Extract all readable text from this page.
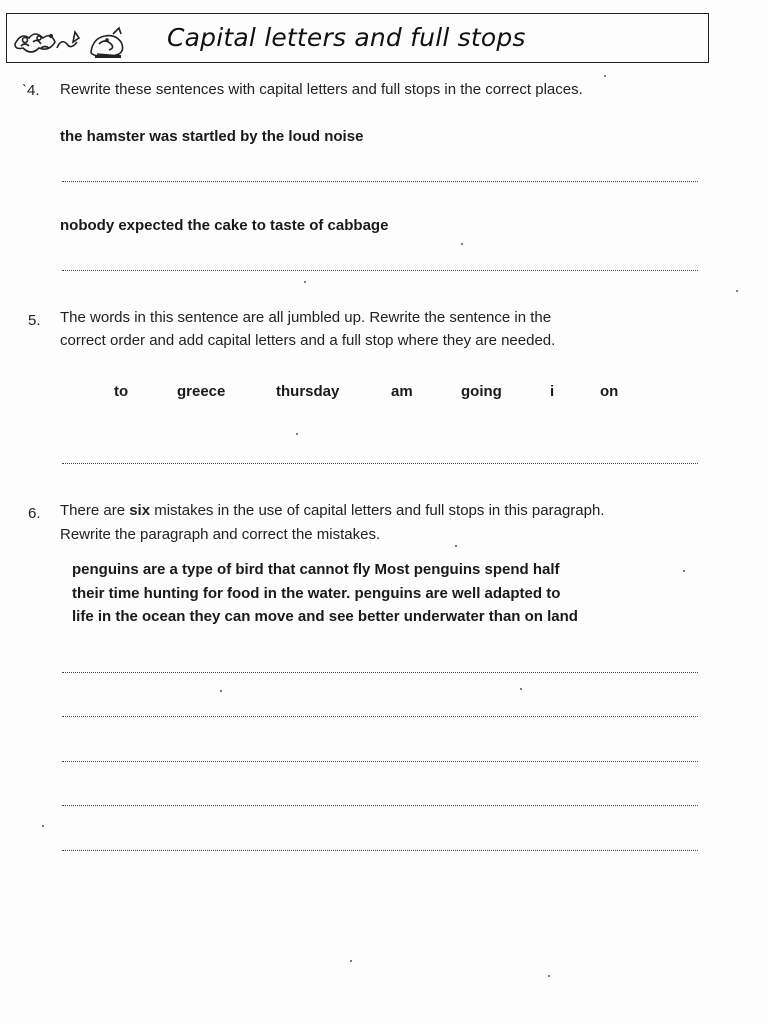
Capital letters and full stops
`4. Rewrite these sentences with capital letters and full stops in the correct places.
the hamster was startled by the loud noise
nobody expected the cake to taste of cabbage
5. The words in this sentence are all jumbled up. Rewrite the sentence in the
correct order and add capital letters and a full stop where they are needed.
to	greece	thursday	am	going	i	on
6. There are six mistakes in the use of capital letters and full stops in this paragraph.
Rewrite the paragraph and correct the mistakes.
penguins are a type of bird that cannot fly Most penguins spend half
their time hunting for food in the water. penguins are well adapted to
life in the ocean they can move and see better underwater than on land
